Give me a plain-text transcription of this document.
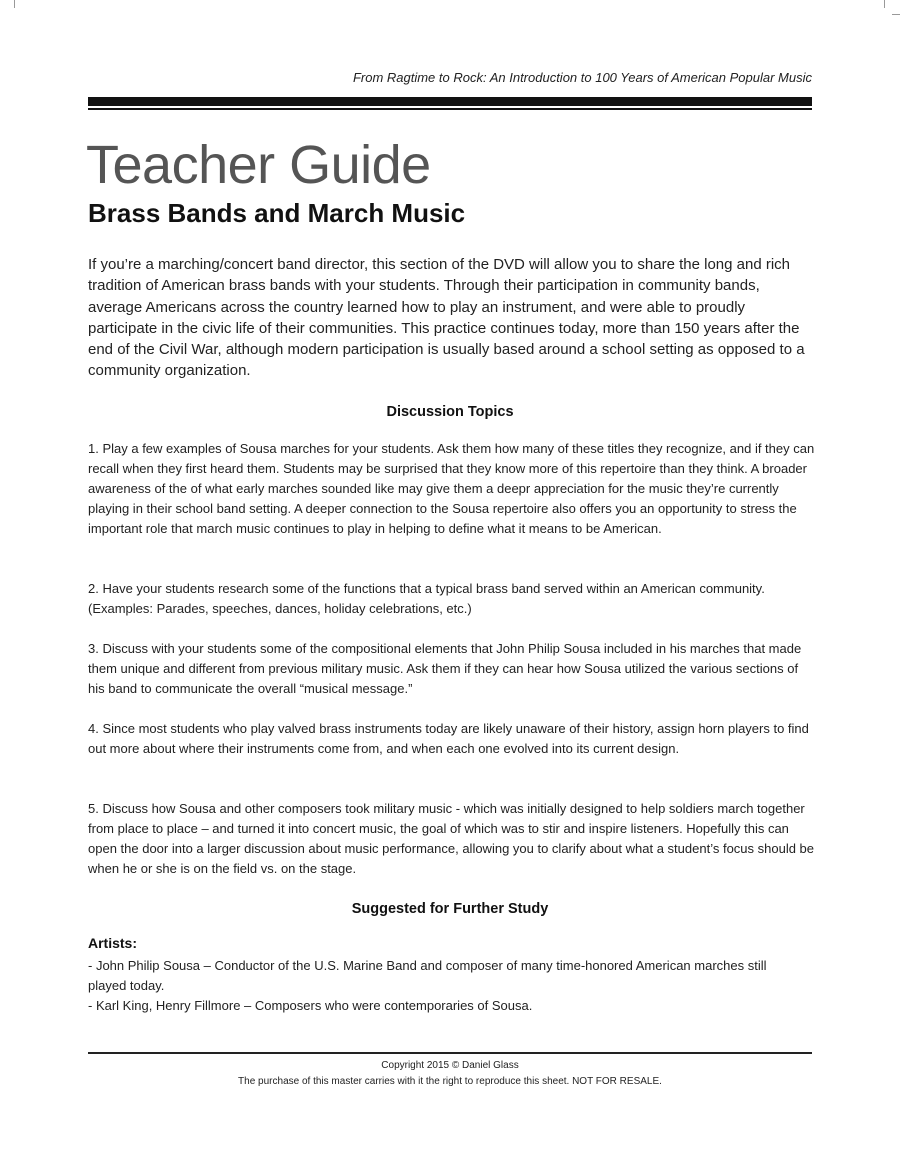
From Ragtime to Rock: An Introduction to 100 Years of American Popular Music
Teacher Guide
Brass Bands and March Music

If you’re a marching/concert band director, this section of the DVD will allow you to share the long and rich tradition of American brass bands with your students. Through their participation in community bands, average Americans across the country learned how to play an instrument, and were able to proudly participate in the civic life of their communities. This practice continues today, more than 150 years after the end of the Civil War, although modern participation is usually based around a school setting as opposed to a community organization.

Discussion Topics

1. Play a few examples of Sousa marches for your students. Ask them how many of these titles they recognize, and if they can recall when they first heard them. Students may be surprised that they know more of this repertoire than they think. A broader awareness of the of what early marches sounded like may give them a deepr appreciation for the music they’re currently playing in their school band setting. A deeper connection to the Sousa repertoire also offers you an opportunity to stress the important role that march music continues to play in helping to define what it means to be American.

2. Have your students research some of the functions that a typical brass band served within an American community. (Examples: Parades, speeches, dances, holiday celebrations, etc.)

3. Discuss with your students some of the compositional elements that John Philip Sousa included in his marches that made them unique and different from previous military music. Ask them if they can hear how Sousa utilized the various sections of his band to communicate the overall “musical message.”

4. Since most students who play valved brass instruments today are likely unaware of their history, assign horn players to find out more about where their instruments come from, and when each one evolved into its current design.

5. Discuss how Sousa and other composers took military music - which was initially designed to help soldiers march together from place to place – and turned it into concert music, the goal of which was to stir and inspire listeners. Hopefully this can open the door into a larger discussion about music performance, allowing you to clarify about what a student’s focus should be when he or she is on the field vs. on the stage.

Suggested for Further Study

Artists:

- John Philip Sousa – Conductor of the U.S. Marine Band and composer of many time-honored American marches still played today.

- Karl King, Henry Fillmore – Composers who were contemporaries of Sousa.

Copyright 2015 © Daniel Glass

The purchase of this master carries with it the right to reproduce this sheet. NOT FOR RESALE.
